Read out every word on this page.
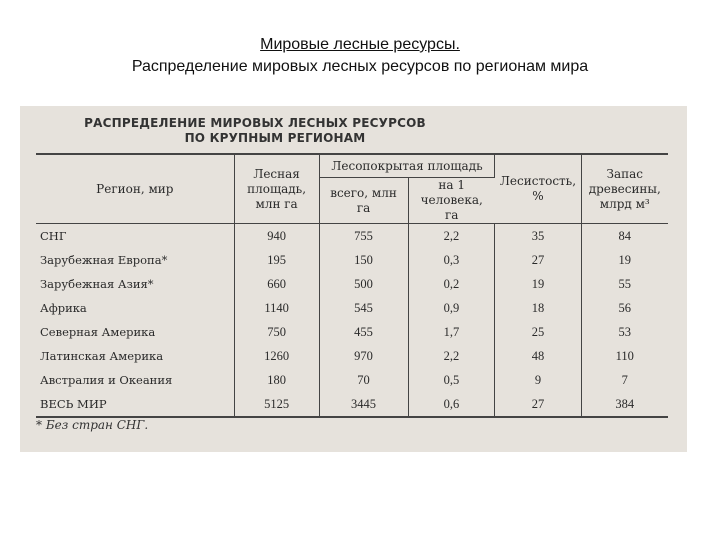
Мировые лесные ресурсы.
Распределение мировых лесных ресурсов по регионам мира
РАСПРЕДЕЛЕНИЕ МИРОВЫХ ЛЕСНЫХ РЕСУРСОВ
ПО КРУПНЫМ РЕГИОНАМ
Регион, мир	Лесная площадь, млн га	Лесопокрытая площадь		Лесистость, %	Запас древесины, млрд м³
		всего, млн га	на 1 человека, га		
СНГ	940	755	2,2	35	84
Зарубежная Европа*	195	150	0,3	27	19
Зарубежная Азия*	660	500	0,2	19	55
Африка	1140	545	0,9	18	56
Северная Америка	750	455	1,7	25	53
Латинская Америка	1260	970	2,2	48	110
Австралия и Океания	180	70	0,5	9	7
ВЕСЬ МИР	5125	3445	0,6	27	384
* Без стран СНГ.
